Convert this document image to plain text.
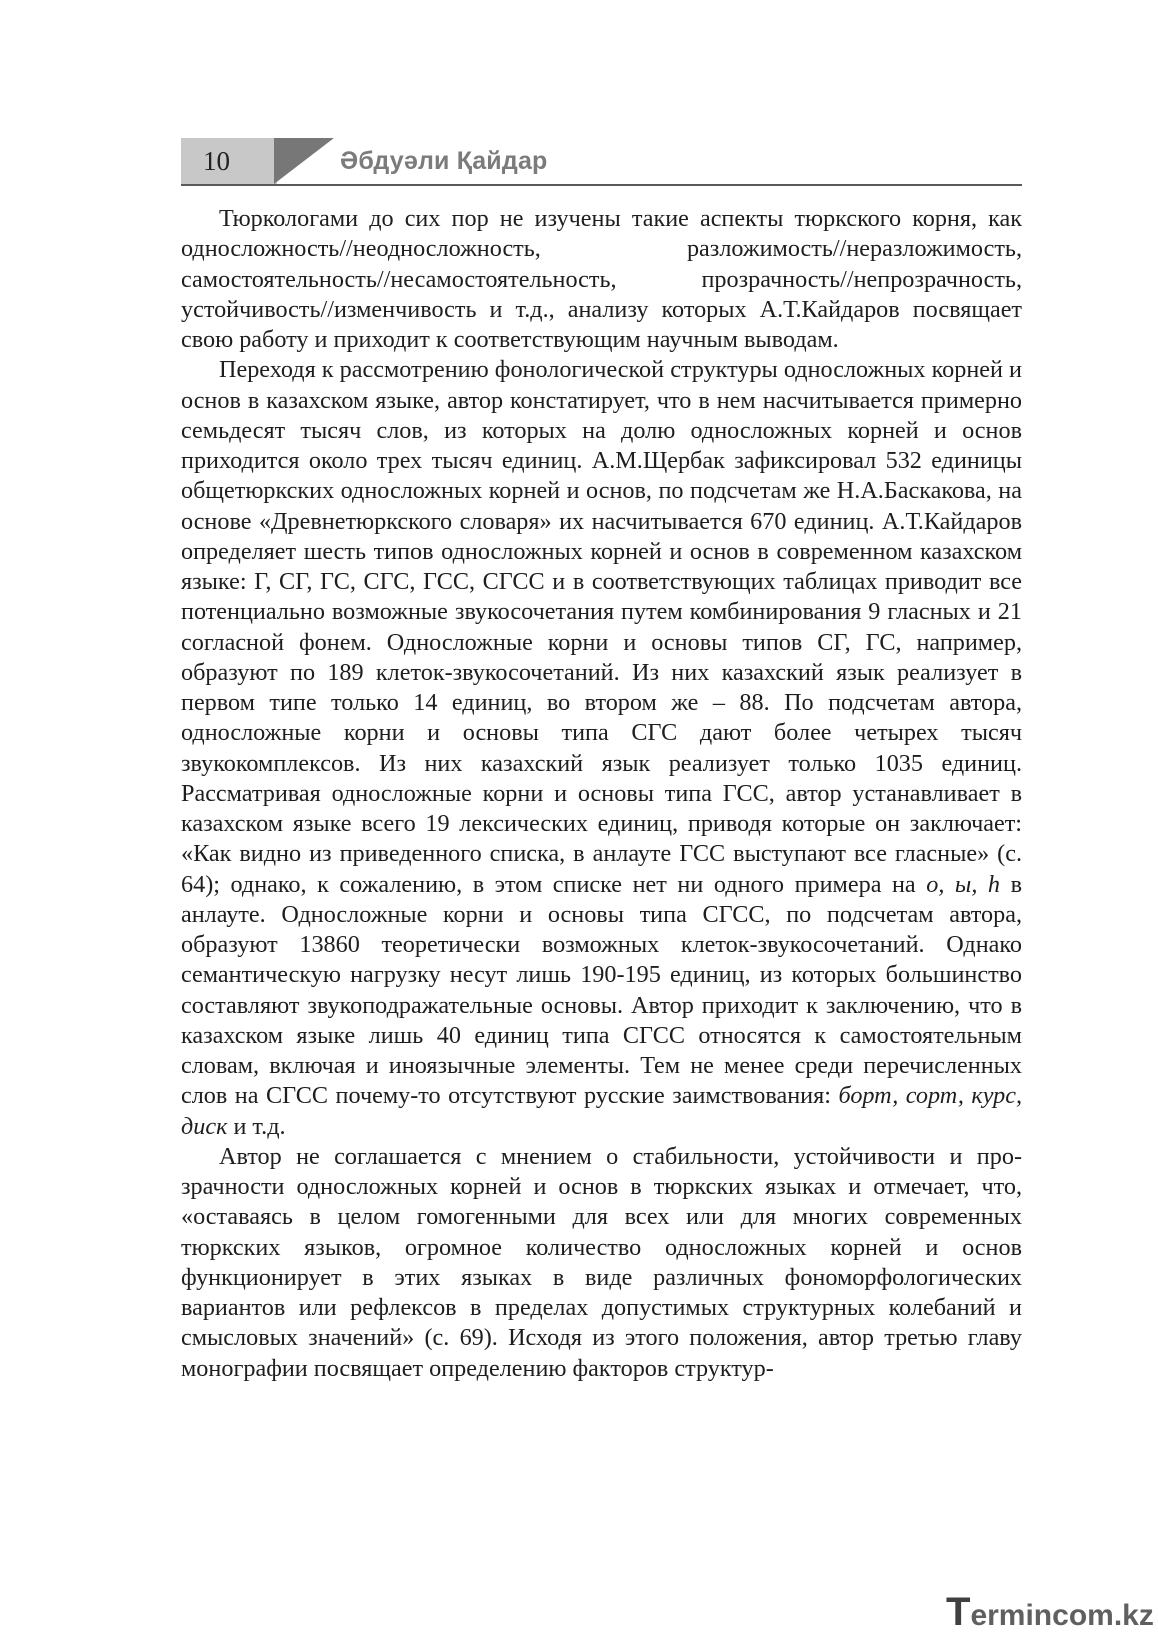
10	Әбдуәли Қайдар

Тюркологами до сих пор не изучены такие аспекты тюркского корня, как односложность//неодносложность, разложимость//неразложимость, самостоятельность//несамостоятельность, прозрачность//непрозрачность, устойчивость//изменчивость и т.д., анализу которых А.Т.Кайдаров посвящает свою работу и приходит к соответствующим научным выводам.

Переходя к рассмотрению фонологической структуры односложных корней и основ в казахском языке, автор констатирует, что в нем насчитывается примерно семьдесят тысяч слов, из которых на долю односложных корней и основ приходится около трех тысяч единиц. А.М.Щербак зафиксировал 532 единицы общетюркских односложных корней и основ, по подсчетам же Н.А.Баскакова, на основе «Древнетюркского словаря» их насчитывается 670 единиц. А.Т.Кайдаров определяет шесть типов односложных корней и основ в современном казахском языке: Г, СГ, ГС, СГС, ГСС, СГСС и в соответствующих таблицах приводит все потенциально возможные звукосочетания путем комбинирования 9 гласных и 21 согласной фонем. Односложные корни и основы типов СГ, ГС, например, образуют по 189 клеток-звукосочетаний. Из них казахский язык реализует в первом типе только 14 единиц, во втором же – 88. По подсчетам автора, односложные корни и основы типа СГС дают более четырех тысяч звукокомплексов. Из них казахский язык реализует только 1035 единиц. Рассматривая односложные корни и основы типа ГСС, автор устанавливает в казахском языке всего 19 лексических единиц, приводя которые он заключает: «Как видно из приведенного списка, в анлауте ГСС выступают все гласные» (с. 64); однако, к сожалению, в этом списке нет ни одного примера на о, ы, һ в анлауте. Односложные корни и основы типа СГСС, по подсчетам автора, образуют 13860 теоретически возможных клеток-звукосочетаний. Однако семантическую нагрузку несут лишь 190-195 единиц, из которых большинство составляют звукоподражательные основы. Автор приходит к заключению, что в казахском языке лишь 40 единиц типа СГСС относятся к самостоятельным словам, включая и иноязычные элементы. Тем не менее среди перечисленных слов на СГСС почему-то отсутствуют русские заимствования: борт, сорт, курс, диск и т.д.

Автор не соглашается с мнением о стабильности, устойчивости и прозрачности односложных корней и основ в тюркских языках и отмечает, что, «оставаясь в целом гомогенными для всех или для многих современных тюркских языков, огромное количество односложных корней и основ функционирует в этих языках в виде различных фономорфологических вариантов или рефлексов в пределах допустимых структурных колебаний и смысловых значений» (с. 69). Исходя из этого положения, автор третью главу монографии посвящает определению факторов структур-

Termincom.kz
